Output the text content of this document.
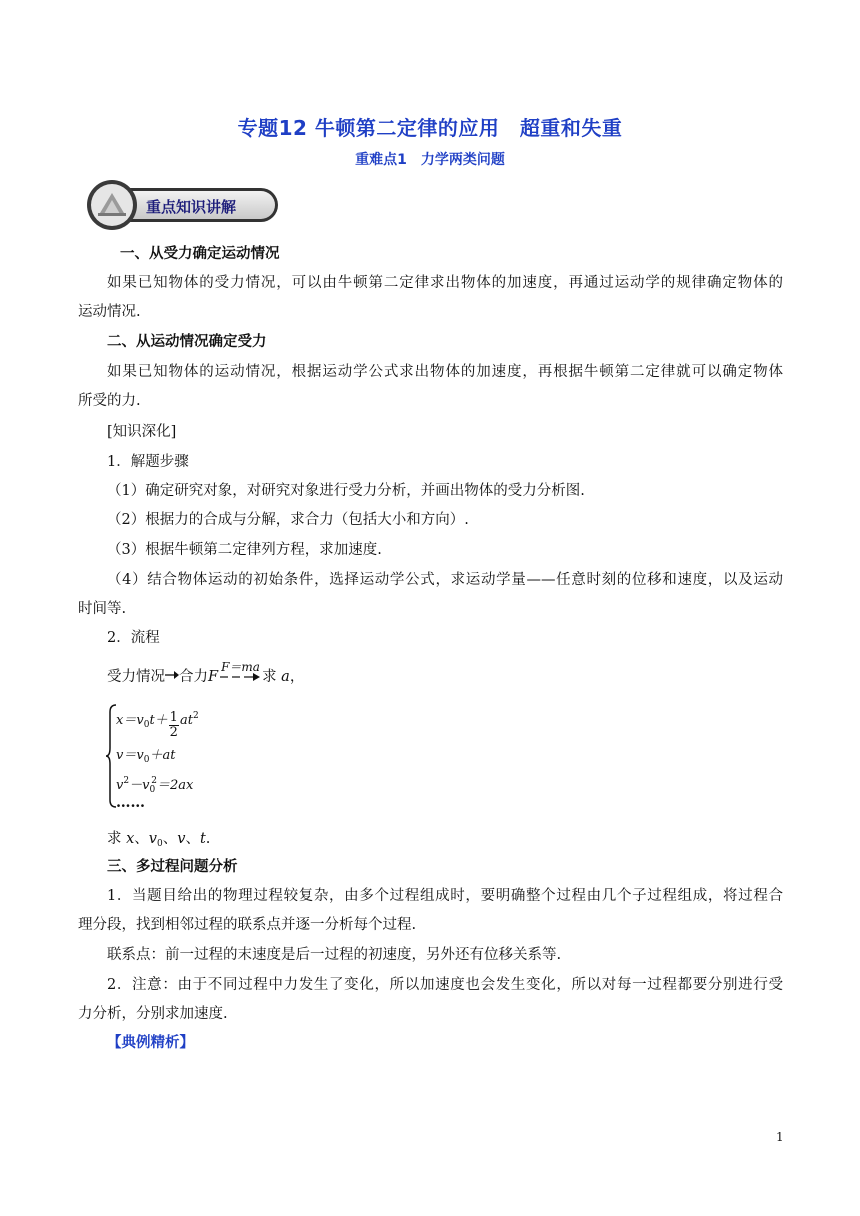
专题12 牛顿第二定律的应用　超重和失重
重难点1　力学两类问题
重点知识讲解
一、从受力确定运动情况
如果已知物体的受力情况，可以由牛顿第二定律求出物体的加速度，再通过运动学的规律确定物体的
运动情况.
二、从运动情况确定受力
如果已知物体的运动情况，根据运动学公式求出物体的加速度，再根据牛顿第二定律就可以确定物体
所受的力.
[知识深化]
1．解题步骤
（1）确定研究对象，对研究对象进行受力分析，并画出物体的受力分析图.
（2）根据力的合成与分解，求合力（包括大小和方向）.
（3）根据牛顿第二定律列方程，求加速度.
（4）结合物体运动的初始条件，选择运动学公式，求运动学量——任意时刻的位移和速度，以及运动
时间等.
2．流程
受力情况 合力F
F＝ma
求 a，
$x=v_0t+ \frac{1}{2} at^2$
$v=v_0+at$
$v^2-v_0^2=2ax$
……
求 x、$v_0$、v、t.
三、多过程问题分析
1．当题目给出的物理过程较复杂，由多个过程组成时，要明确整个过程由几个子过程组成，将过程合
理分段，找到相邻过程的联系点并逐一分析每个过程.
联系点：前一过程的末速度是后一过程的初速度，另外还有位移关系等.
2．注意：由于不同过程中力发生了变化，所以加速度也会发生变化，所以对每一过程都要分别进行受
力分析，分别求加速度.
【典例精析】
1
